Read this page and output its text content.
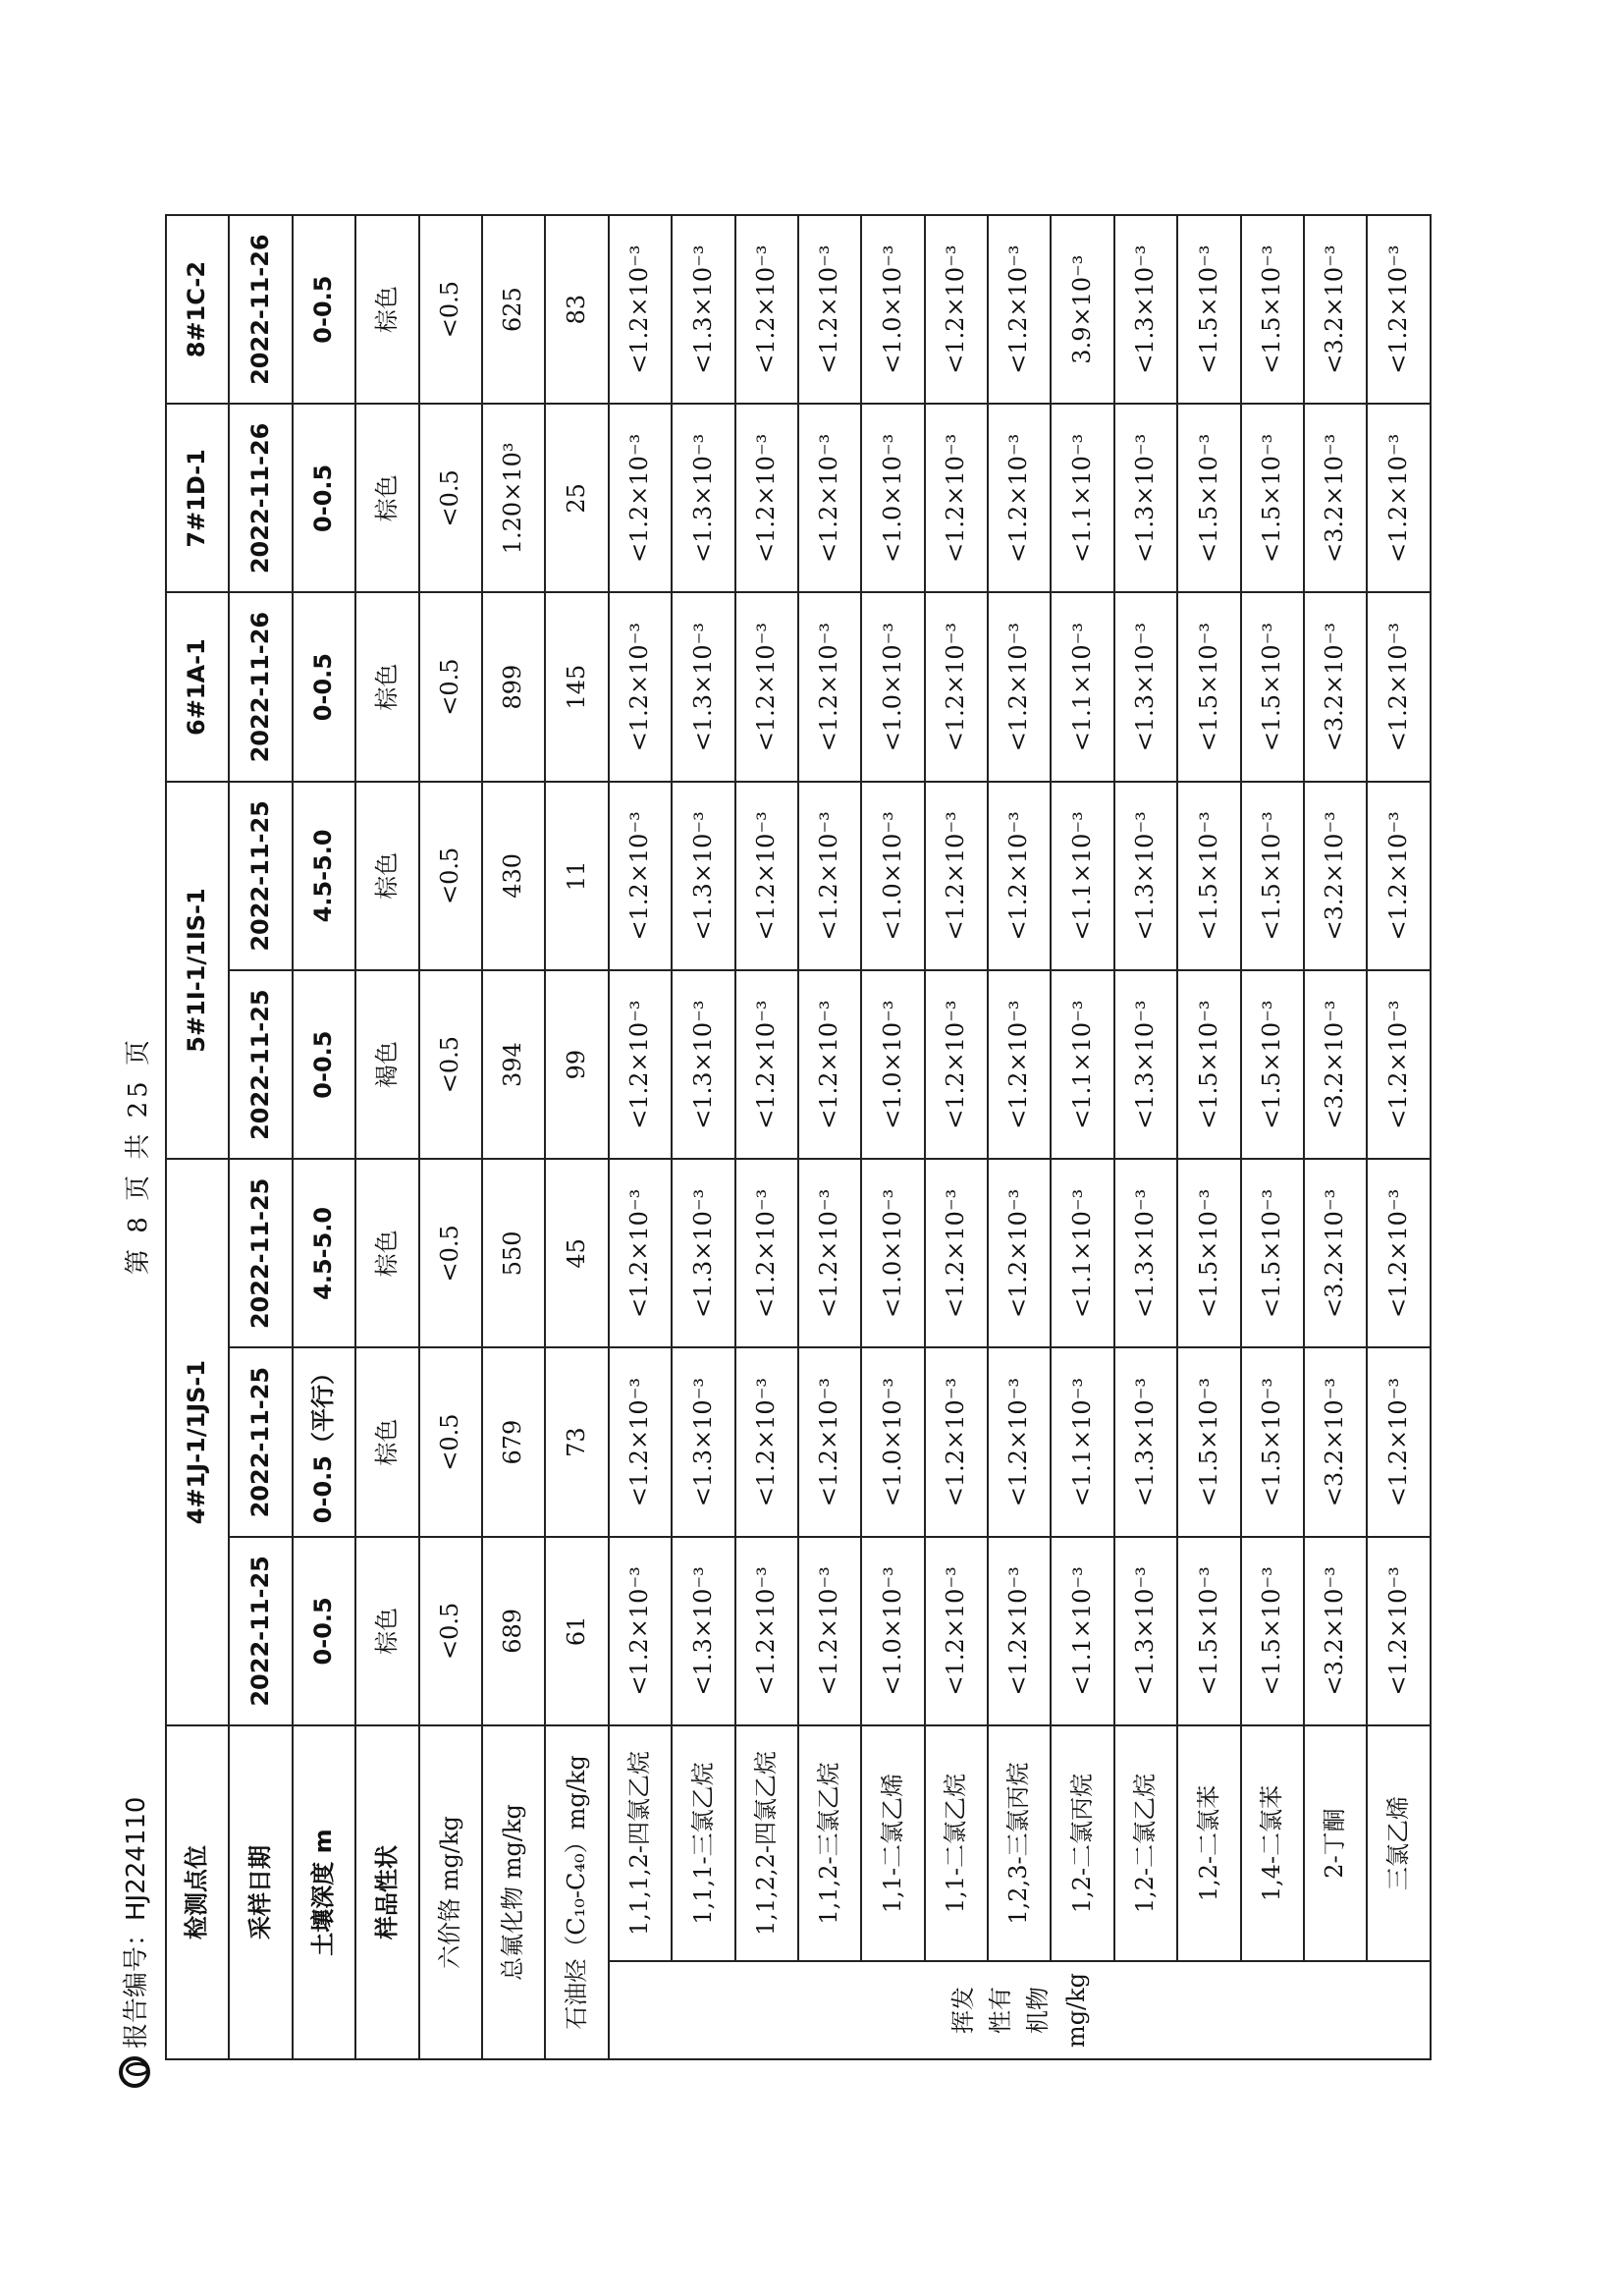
报告编号：HJ224110
第 8 页 共 25 页
检测点位		4#1J-1/1JS-1			5#1I-1/1IS-1		6#1A-1	7#1D-1	8#1C-2
采样日期		2022-11-25	2022-11-25	2022-11-25	2022-11-25	2022-11-25	2022-11-26	2022-11-26	2022-11-26
土壤深度 m		0-0.5	0-0.5（平行）	4.5-5.0	0-0.5	4.5-5.0	0-0.5	0-0.5	0-0.5
样品性状		棕色	棕色	棕色	褐色	棕色	棕色	棕色	棕色
六价铬 mg/kg		<0.5	<0.5	<0.5	<0.5	<0.5	<0.5	<0.5	<0.5
总氟化物 mg/kg		689	679	550	394	430	899	1.20×10³	625
石油烃（C₁₀-C₄₀）mg/kg		61	73	45	99	11	145	25	83

挥发 性有 机物 mg/kg	1,1,1,2-四氯乙烷	<1.2×10⁻³	<1.2×10⁻³	<1.2×10⁻³	<1.2×10⁻³	<1.2×10⁻³	<1.2×10⁻³	<1.2×10⁻³	<1.2×10⁻³
	1,1,1-三氯乙烷	<1.3×10⁻³	<1.3×10⁻³	<1.3×10⁻³	<1.3×10⁻³	<1.3×10⁻³	<1.3×10⁻³	<1.3×10⁻³	<1.3×10⁻³
	1,1,2,2-四氯乙烷	<1.2×10⁻³	<1.2×10⁻³	<1.2×10⁻³	<1.2×10⁻³	<1.2×10⁻³	<1.2×10⁻³	<1.2×10⁻³	<1.2×10⁻³
	1,1,2-三氯乙烷	<1.2×10⁻³	<1.2×10⁻³	<1.2×10⁻³	<1.2×10⁻³	<1.2×10⁻³	<1.2×10⁻³	<1.2×10⁻³	<1.2×10⁻³
	1,1-二氯乙烯	<1.0×10⁻³	<1.0×10⁻³	<1.0×10⁻³	<1.0×10⁻³	<1.0×10⁻³	<1.0×10⁻³	<1.0×10⁻³	<1.0×10⁻³
	1,1-二氯乙烷	<1.2×10⁻³	<1.2×10⁻³	<1.2×10⁻³	<1.2×10⁻³	<1.2×10⁻³	<1.2×10⁻³	<1.2×10⁻³	<1.2×10⁻³
	1,2,3-三氯丙烷	<1.2×10⁻³	<1.2×10⁻³	<1.2×10⁻³	<1.2×10⁻³	<1.2×10⁻³	<1.2×10⁻³	<1.2×10⁻³	<1.2×10⁻³
	1,2-二氯丙烷	<1.1×10⁻³	<1.1×10⁻³	<1.1×10⁻³	<1.1×10⁻³	<1.1×10⁻³	<1.1×10⁻³	<1.1×10⁻³	3.9×10⁻³
	1,2-二氯乙烷	<1.3×10⁻³	<1.3×10⁻³	<1.3×10⁻³	<1.3×10⁻³	<1.3×10⁻³	<1.3×10⁻³	<1.3×10⁻³	<1.3×10⁻³
	1,2-二氯苯	<1.5×10⁻³	<1.5×10⁻³	<1.5×10⁻³	<1.5×10⁻³	<1.5×10⁻³	<1.5×10⁻³	<1.5×10⁻³	<1.5×10⁻³
	1,4-二氯苯	<1.5×10⁻³	<1.5×10⁻³	<1.5×10⁻³	<1.5×10⁻³	<1.5×10⁻³	<1.5×10⁻³	<1.5×10⁻³	<1.5×10⁻³
	2-丁酮	<3.2×10⁻³	<3.2×10⁻³	<3.2×10⁻³	<3.2×10⁻³	<3.2×10⁻³	<3.2×10⁻³	<3.2×10⁻³	<3.2×10⁻³
	三氯乙烯	<1.2×10⁻³	<1.2×10⁻³	<1.2×10⁻³	<1.2×10⁻³	<1.2×10⁻³	<1.2×10⁻³	<1.2×10⁻³	<1.2×10⁻³
